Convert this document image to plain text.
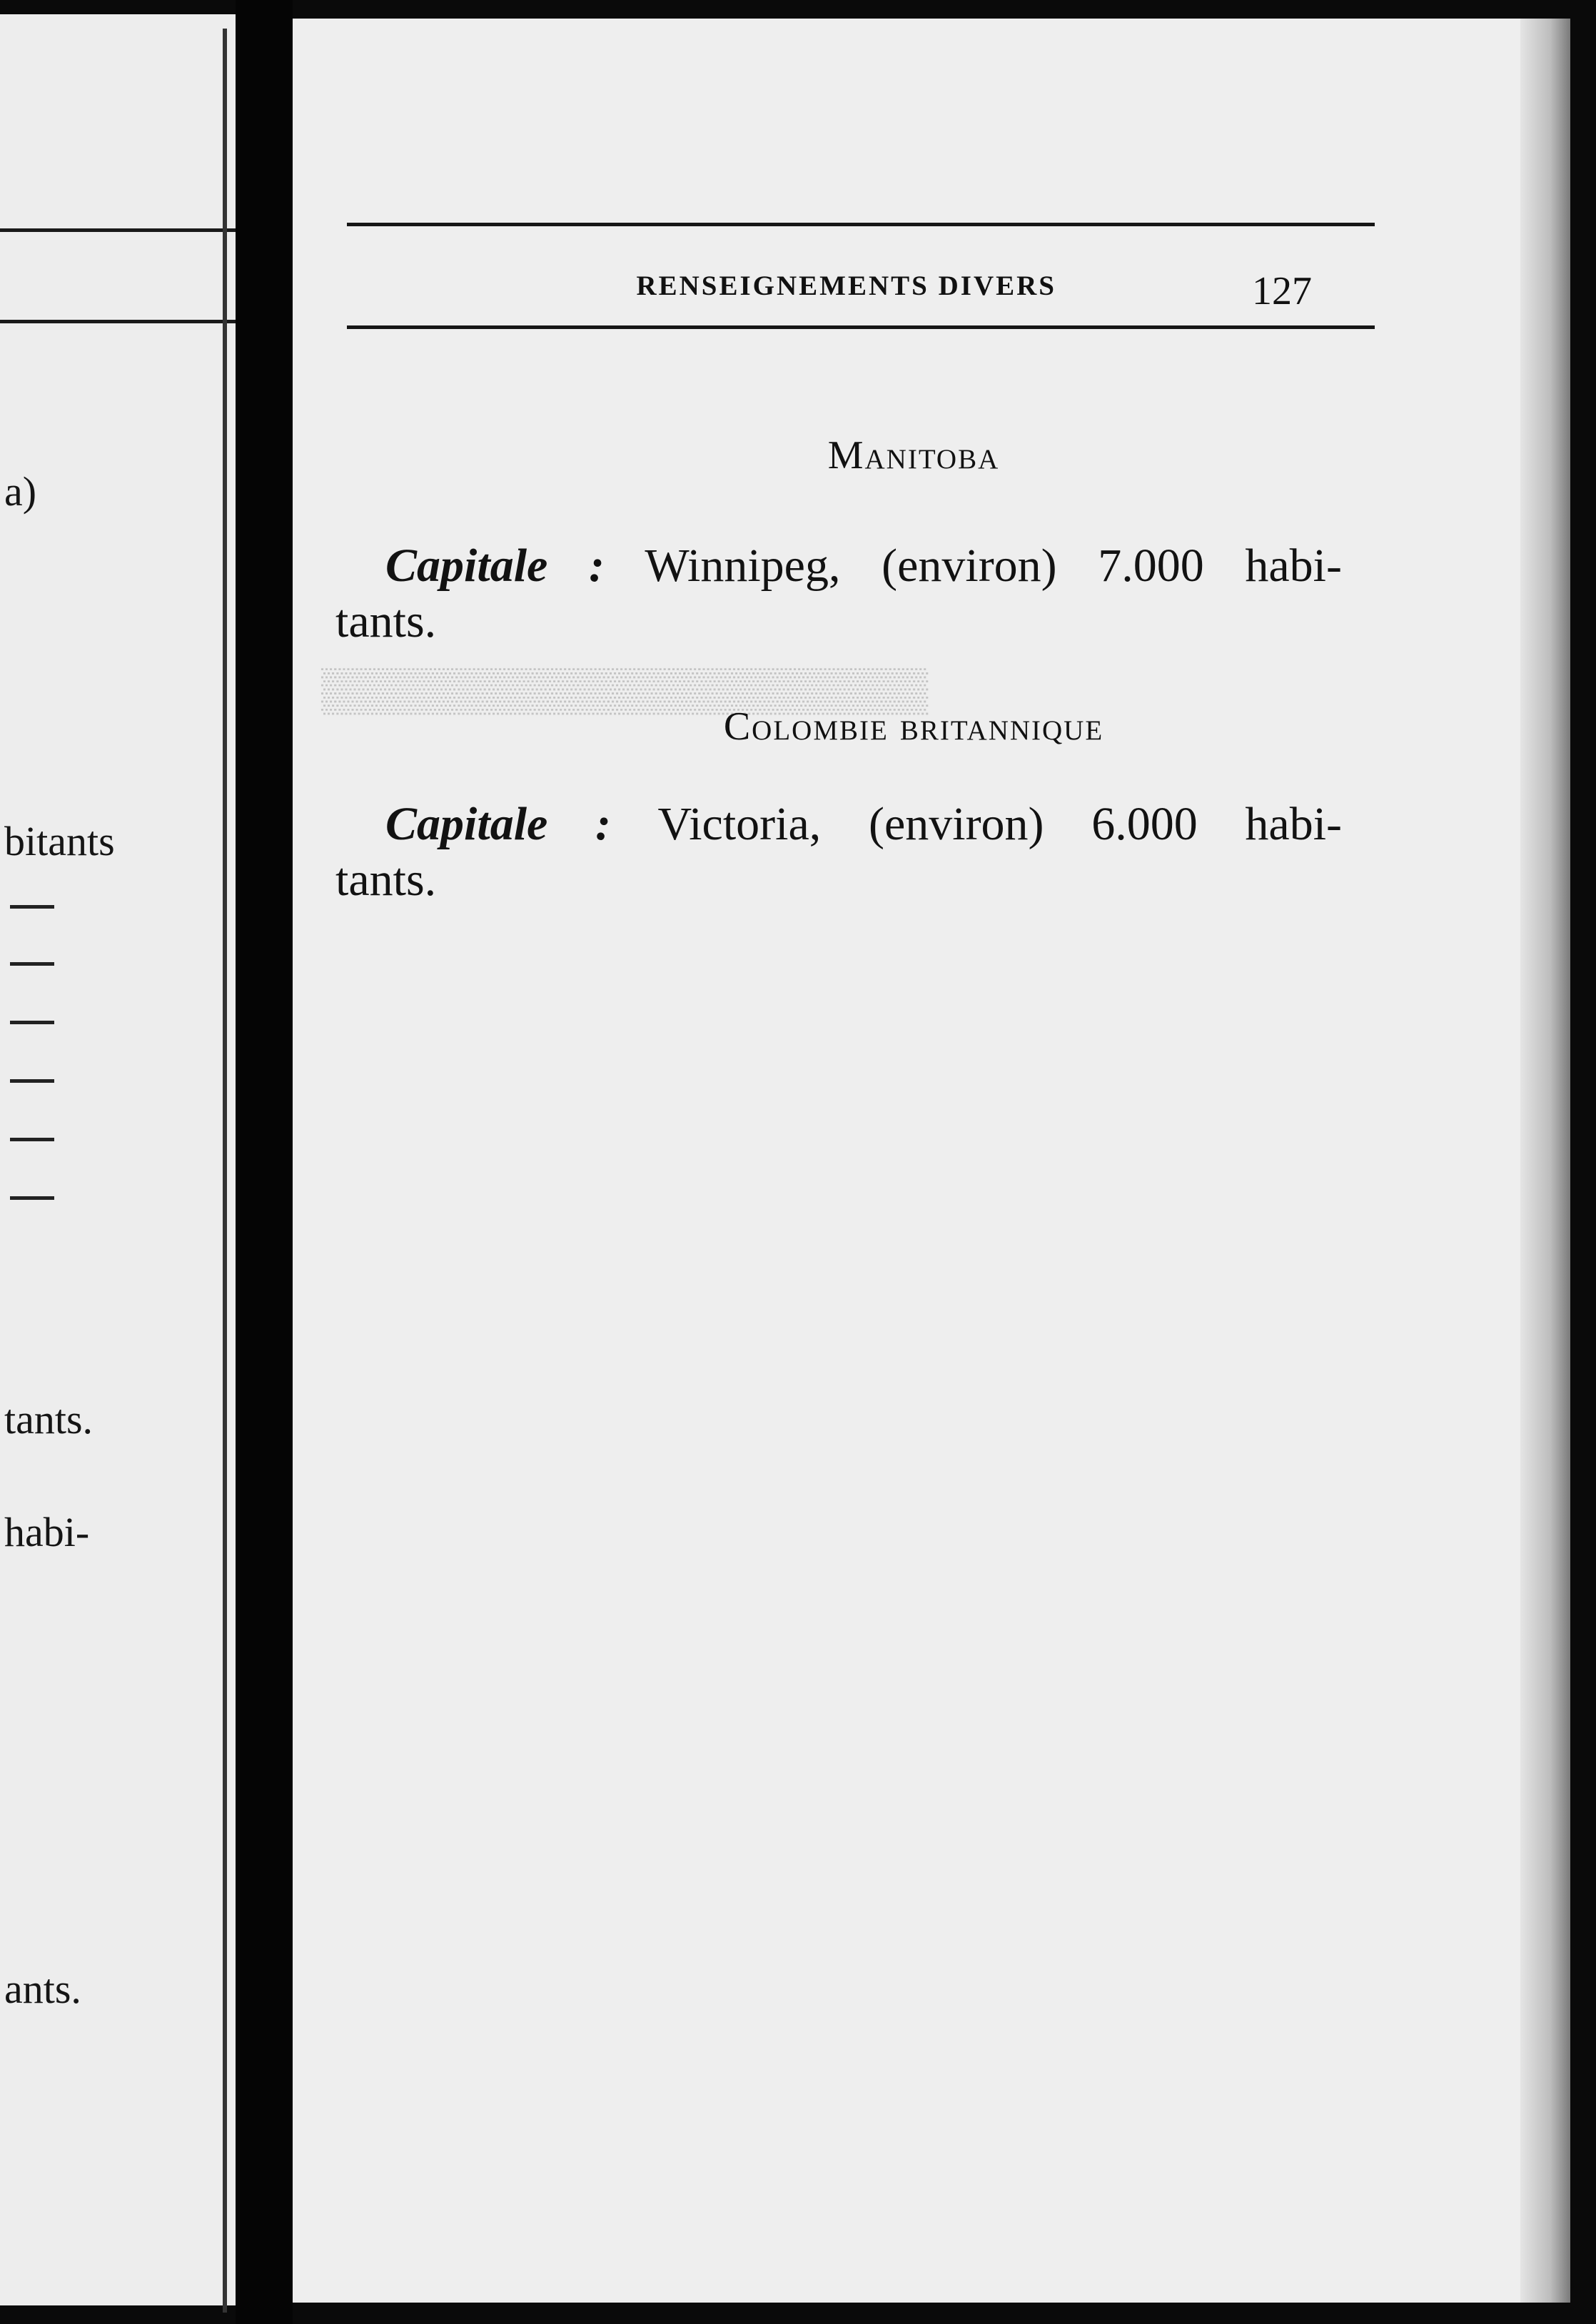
a)
bitants
tants.
habi-
ants.
RENSEIGNEMENTS DIVERS	127
▒▒▒▒▒▒▒▒▒▒▒▒▒▒▒▒▒▒▒▒
Manitoba
Capitale : Winnipeg, (environ) 7.000 habi-
tants.
Colombie britannique
Capitale : Victoria, (environ) 6.000 habi-
tants.
